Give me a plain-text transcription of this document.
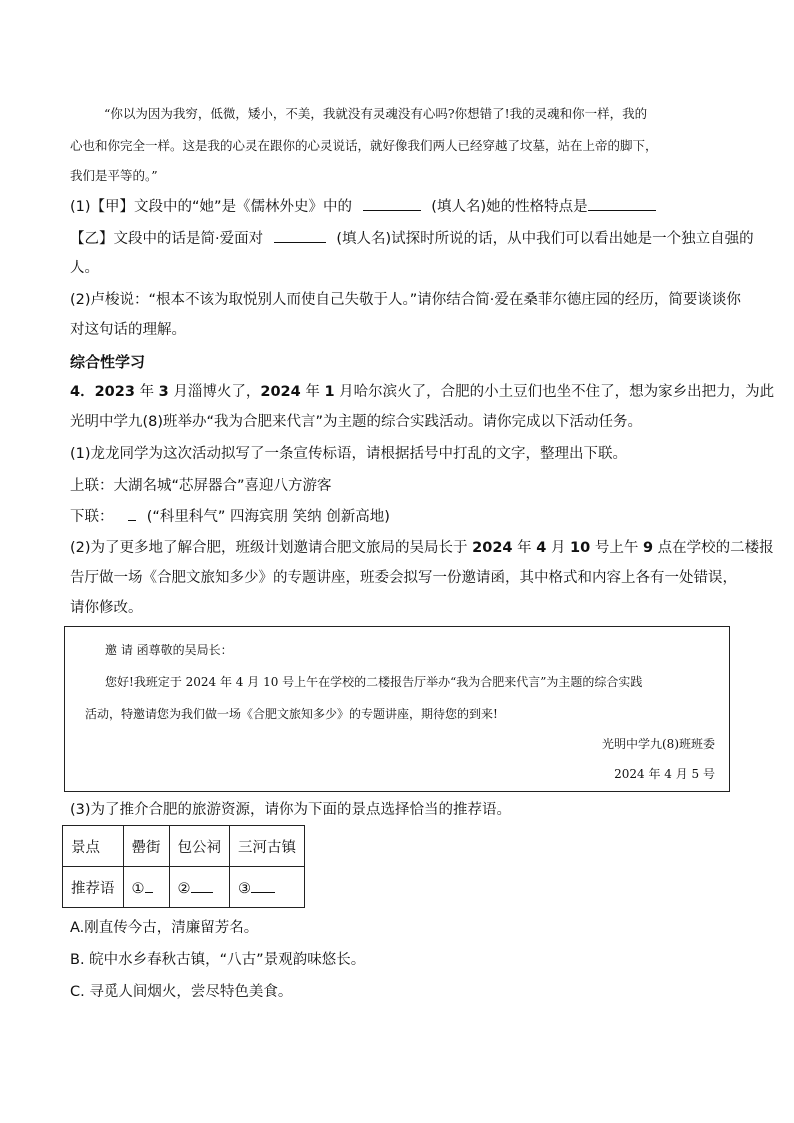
“你以为因为我穷，低微，矮小，不美，我就没有灵魂没有心吗?你想错了!我的灵魂和你一样，我的
心也和你完全一样。这是我的心灵在跟你的心灵说话，就好像我们两人已经穿越了坟墓，站在上帝的脚下，
我们是平等的。”
(1)【甲】文段中的“她”是《儒林外史》中的	(填人名)她的性格特点是
【乙】文段中的话是简·爱面对	(填人名)试探时所说的话，从中我们可以看出她是一个独立自强的
人。
(2)卢梭说：“根本不该为取悦别人而使自己失敬于人。”请你结合简·爱在桑菲尔德庄园的经历，简要谈谈你
对这句话的理解。
综合性学习
4．2023 年 3 月淄博火了，2024 年 1 月哈尔滨火了，合肥的小土豆们也坐不住了，想为家乡出把力，为此
光明中学九(8)班举办“我为合肥来代言”为主题的综合实践活动。请你完成以下活动任务。
(1)龙龙同学为这次活动拟写了一条宣传标语，请根据括号中打乱的文字，整理出下联。
上联：大湖名城“芯屏器合”喜迎八方游客
下联： (“科里科气” 四海宾朋 笑纳 创新高地)
(2)为了更多地了解合肥，班级计划邀请合肥文旅局的吴局长于 2024 年 4 月 10 号上午 9 点在学校的二楼报
告厅做一场《合肥文旅知多少》的专题讲座，班委会拟写一份邀请函，其中格式和内容上各有一处错误，
请你修改。
邀 请 函尊敬的吴局长：
您好!我班定于 2024 年 4 月 10 号上午在学校的二楼报告厅举办“我为合肥来代言”为主题的综合实践
活动，特邀请您为我们做一场《合肥文旅知多少》的专题讲座，期待您的到来!
光明中学九(8)班班委
2024 年 4 月 5 号
(3)为了推介合肥的旅游资源，请你为下面的景点选择恰当的推荐语。
景点	罍街	包公祠	三河古镇
推荐语	①	②	③
A.刚直传今古，清廉留芳名。
B. 皖中水乡春秋古镇，“八古”景观韵味悠长。
C. 寻觅人间烟火，尝尽特色美食。
